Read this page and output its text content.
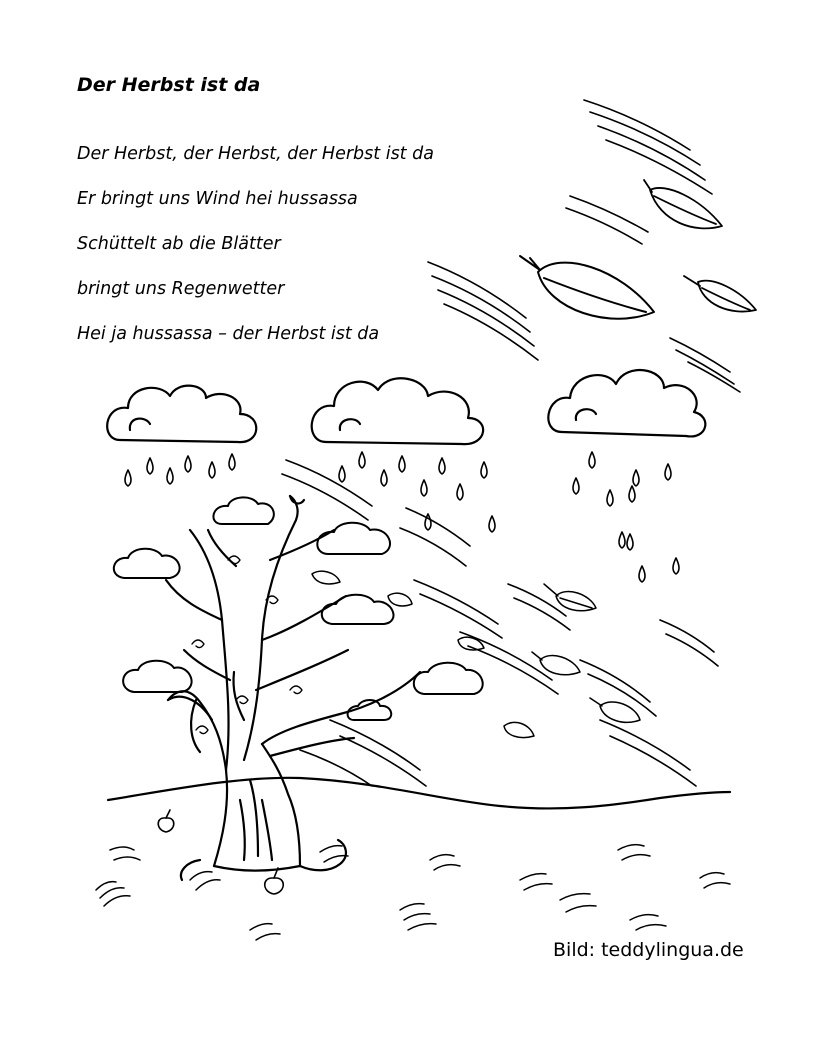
Der Herbst ist da
Der Herbst, der Herbst, der Herbst ist da
Er bringt uns Wind hei hussassa
Schüttelt ab die Blätter
bringt uns Regenwetter
Hei ja hussassa – der Herbst ist da

Bild: teddylingua.de
